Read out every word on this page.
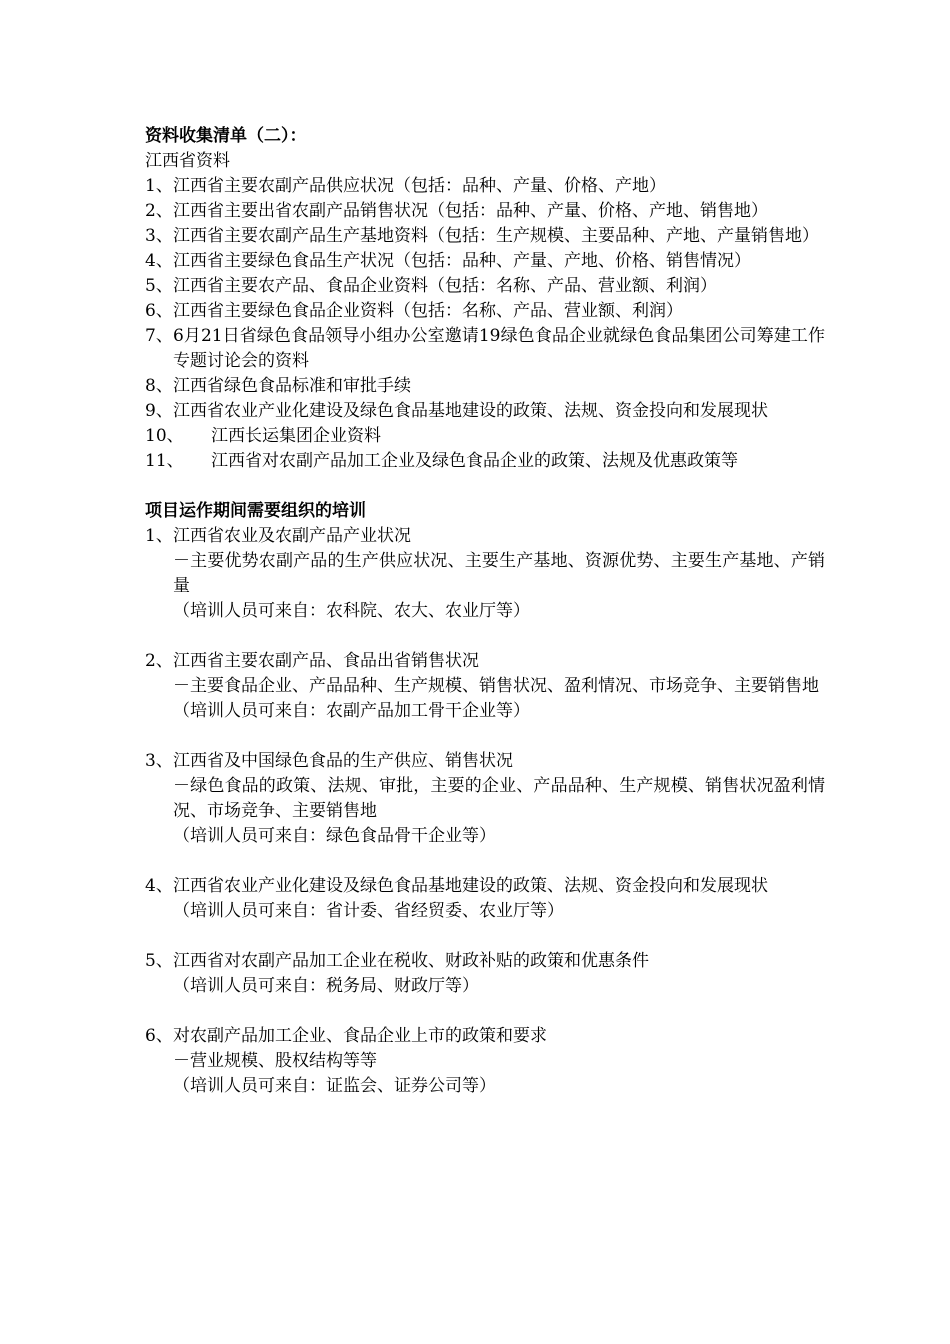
资料收集清单（二）：
江西省资料
1、 江西省主要农副产品供应状况（包括：品种、产量、价格、产地）
2、 江西省主要出省农副产品销售状况（包括：品种、产量、价格、产地、销售地）
3、 江西省主要农副产品生产基地资料（包括：生产规模、主要品种、产地、产量销售地）
4、 江西省主要绿色食品生产状况（包括：品种、产量、产地、价格、销售情况）
5、 江西省主要农产品、食品企业资料（包括：名称、产品、营业额、利润）
6、 江西省主要绿色食品企业资料（包括：名称、产品、营业额、利润）
7、 6月21日省绿色食品领导小组办公室邀请19绿色食品企业就绿色食品集团公司筹建工作专题讨论会的资料
8、 江西省绿色食品标准和审批手续
9、 江西省农业产业化建设及绿色食品基地建设的政策、法规、资金投向和发展现状
10、 江西长运集团企业资料
11、 江西省对农副产品加工企业及绿色食品企业的政策、法规及优惠政策等
项目运作期间需要组织的培训
1、 江西省农业及农副产品产业状况
－主要优势农副产品的生产供应状况、主要生产基地、资源优势、主要生产基地、产销量
（培训人员可来自：农科院、农大、农业厅等）
2、 江西省主要农副产品、食品出省销售状况
－主要食品企业、产品品种、生产规模、销售状况、盈利情况、市场竞争、主要销售地
（培训人员可来自：农副产品加工骨干企业等）
3、 江西省及中国绿色食品的生产供应、销售状况
－绿色食品的政策、法规、审批，主要的企业、产品品种、生产规模、销售状况盈利情况、市场竞争、主要销售地
（培训人员可来自：绿色食品骨干企业等）
4、 江西省农业产业化建设及绿色食品基地建设的政策、法规、资金投向和发展现状
（培训人员可来自：省计委、省经贸委、农业厅等）
5、 江西省对农副产品加工企业在税收、财政补贴的政策和优惠条件
（培训人员可来自：税务局、财政厅等）
6、 对农副产品加工企业、食品企业上市的政策和要求
－营业规模、股权结构等等
（培训人员可来自：证监会、证券公司等）
